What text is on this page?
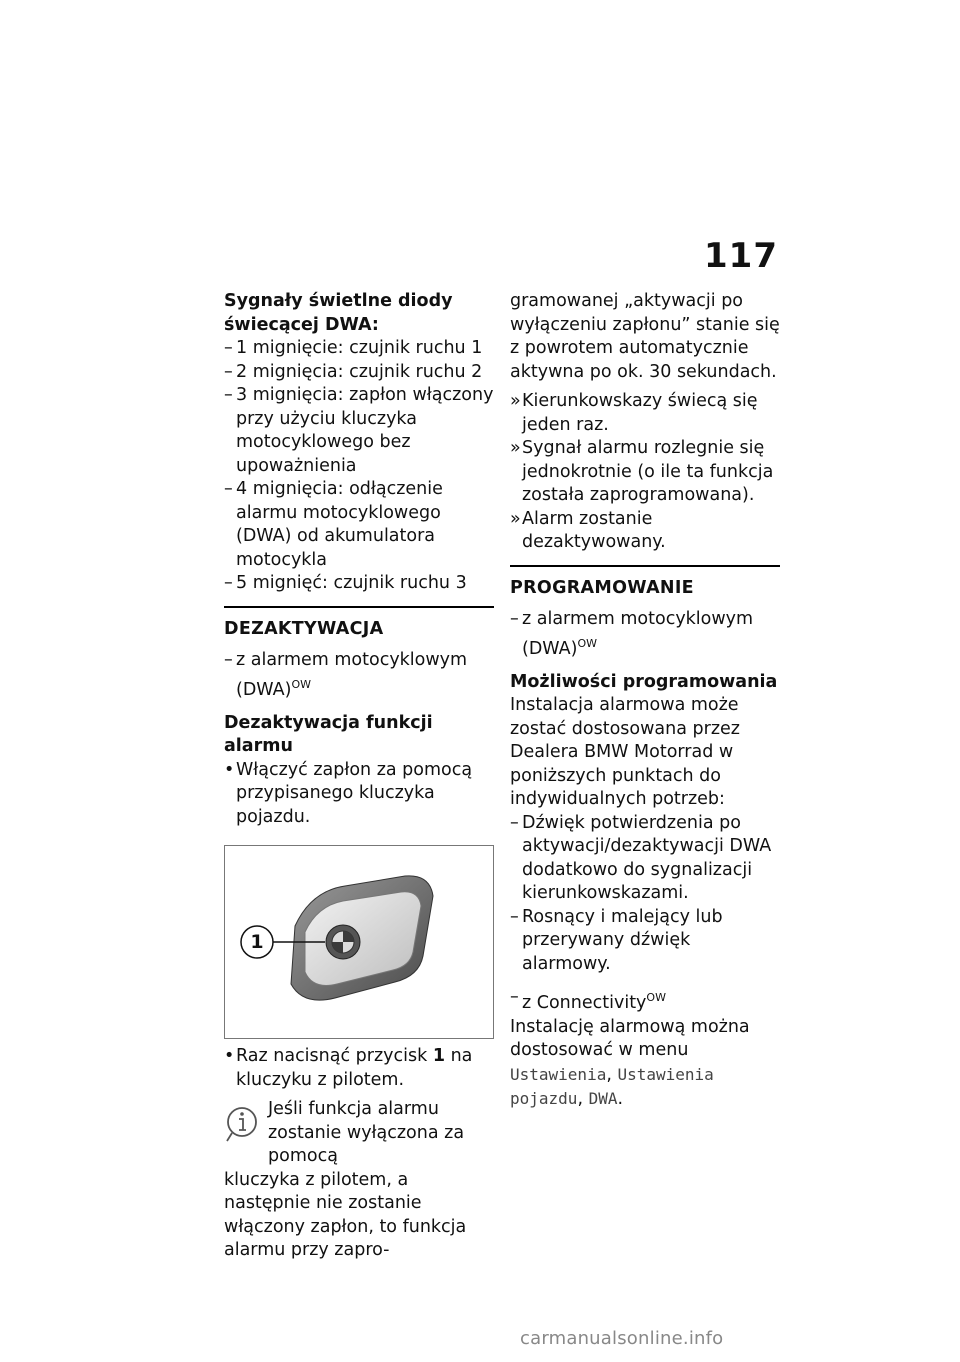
117
Sygnały świetlne diody
świecącej DWA:
– 1 mignięcie: czujnik ruchu 1
– 2 mignięcia: czujnik ruchu 2
– 3 mignięcia: zapłon włączony przy użyciu kluczyka motocyklowego bez upoważnienia
– 4 mignięcia: odłączenie alarmu motocyklowego (DWA) od akumulatora motocykla
– 5 mignięć: czujnik ruchu 3
DEZAKTYWACJA
– z alarmem motocyklowym (DWA)$^{OW}$
Dezaktywacja funkcji alarmu
• Włączyć zapłon za pomocą przypisanego kluczyka pojazdu.
1
• Raz nacisnąć przycisk 1 na kluczyku z pilotem.
Jeśli funkcja alarmu zostanie wyłączona za pomocą
kluczyka z pilotem, a następnie nie zostanie włączony zapłon, to funkcja alarmu przy zapro-
gramowanej „aktywacji po wyłączeniu zapłonu” stanie się z powrotem automatycznie aktywna po ok. 30 sekundach.
» Kierunkowskazy świecą się jeden raz.
» Sygnał alarmu rozlegnie się jednokrotnie (o ile ta funkcja została zaprogramowana).
» Alarm zostanie dezaktywowany.
PROGRAMOWANIE
– z alarmem motocyklowym (DWA)$^{OW}$
Możliwości programowania
Instalacja alarmowa może zostać dostosowana przez Dealera BMW Motorrad w poniższych punktach do indywidualnych potrzeb:
– Dźwięk potwierdzenia po aktywacji/dezaktywacji DWA dodatkowo do sygnalizacji kierunkowskazami.
– Rosnący i malejący lub przerywany dźwięk alarmowy.
– z Connectivity$^{OW}$
Instalację alarmową można dostosować w menu Ustawienia, Ustawienia pojazdu, DWA.
carmanualsonline.info
